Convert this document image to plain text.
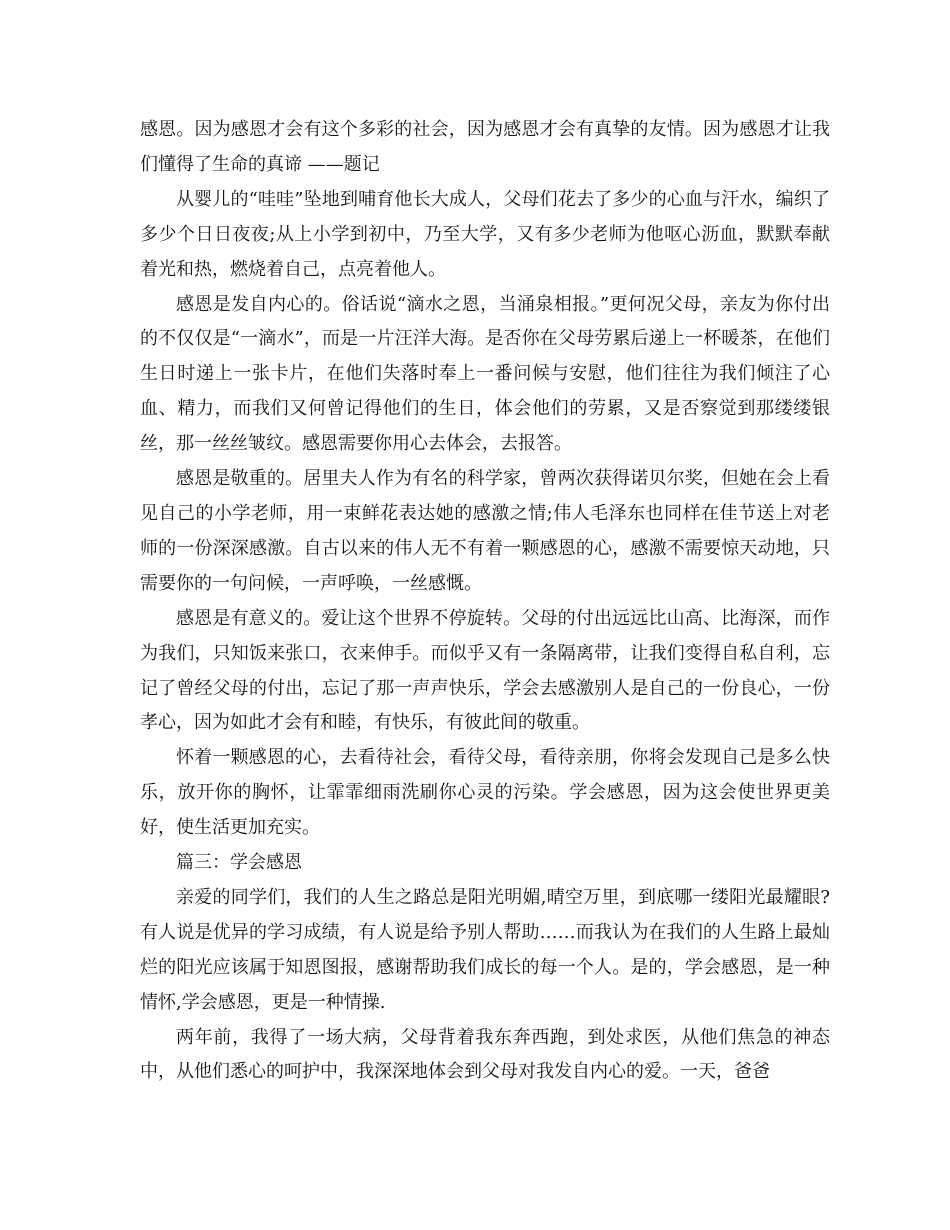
感恩。因为感恩才会有这个多彩的社会，因为感恩才会有真挚的友情。因为感恩才让我们懂得了生命的真谛 ——题记

从婴儿的“哇哇”坠地到哺育他长大成人，父母们花去了多少的心血与汗水，编织了多少个日日夜夜;从上小学到初中，乃至大学，又有多少老师为他呕心沥血，默默奉献着光和热，燃烧着自己，点亮着他人。

感恩是发自内心的。俗话说“滴水之恩，当涌泉相报。”更何况父母，亲友为你付出的不仅仅是“一滴水”，而是一片汪洋大海。是否你在父母劳累后递上一杯暖茶，在他们生日时递上一张卡片，在他们失落时奉上一番问候与安慰，他们往往为我们倾注了心血、精力，而我们又何曾记得他们的生日，体会他们的劳累，又是否察觉到那缕缕银丝，那一丝丝皱纹。感恩需要你用心去体会，去报答。

感恩是敬重的。居里夫人作为有名的科学家，曾两次获得诺贝尔奖，但她在会上看见自己的小学老师，用一束鲜花表达她的感激之情;伟人毛泽东也同样在佳节送上对老师的一份深深感激。自古以来的伟人无不有着一颗感恩的心，感激不需要惊天动地，只需要你的一句问候，一声呼唤，一丝感慨。

感恩是有意义的。爱让这个世界不停旋转。父母的付出远远比山高、比海深，而作为我们，只知饭来张口，衣来伸手。而似乎又有一条隔离带，让我们变得自私自利，忘记了曾经父母的付出，忘记了那一声声快乐，学会去感激别人是自己的一份良心，一份孝心，因为如此才会有和睦，有快乐，有彼此间的敬重。

怀着一颗感恩的心，去看待社会，看待父母，看待亲朋，你将会发现自己是多么快乐，放开你的胸怀，让霏霏细雨洗刷你心灵的污染。学会感恩，因为这会使世界更美好，使生活更加充实。

篇三：学会感恩

亲爱的同学们，我们的人生之路总是阳光明媚,晴空万里，到底哪一缕阳光最耀眼?有人说是优异的学习成绩，有人说是给予别人帮助……而我认为在我们的人生路上最灿烂的阳光应该属于知恩图报，感谢帮助我们成长的每一个人。是的，学会感恩，是一种情怀,学会感恩，更是一种情操.

两年前，我得了一场大病，父母背着我东奔西跑，到处求医，从他们焦急的神态中，从他们悉心的呵护中，我深深地体会到父母对我发自内心的爱。一天，爸爸
